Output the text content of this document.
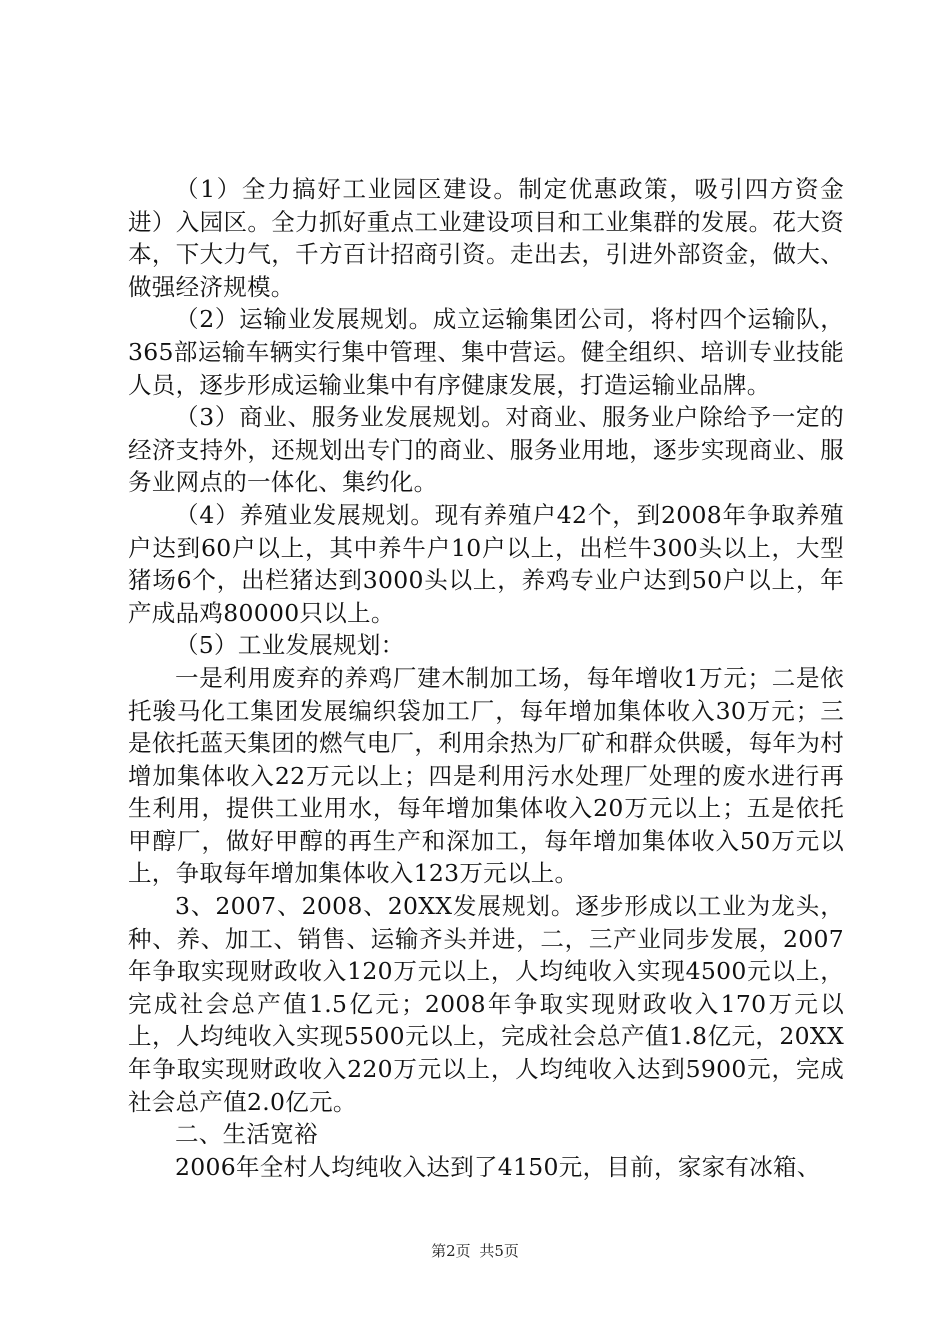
（1）全力搞好工业园区建设。制定优惠政策，吸引四方资金进）入园区。全力抓好重点工业建设项目和工业集群的发展。花大资本，下大力气，千方百计招商引资。走出去，引进外部资金，做大、做强经济规模。

（2）运输业发展规划。成立运输集团公司，将村四个运输队，365部运输车辆实行集中管理、集中营运。健全组织、培训专业技能人员，逐步形成运输业集中有序健康发展，打造运输业品牌。

（3）商业、服务业发展规划。对商业、服务业户除给予一定的经济支持外，还规划出专门的商业、服务业用地，逐步实现商业、服务业网点的一体化、集约化。

（4）养殖业发展规划。现有养殖户42个，到2008年争取养殖户达到60户以上，其中养牛户10户以上，出栏牛300头以上，大型猪场6个，出栏猪达到3000头以上，养鸡专业户达到50户以上，年产成品鸡80000只以上。

（5）工业发展规划：

一是利用废弃的养鸡厂建木制加工场，每年增收1万元；二是依托骏马化工集团发展编织袋加工厂，每年增加集体收入30万元；三是依托蓝天集团的燃气电厂，利用余热为厂矿和群众供暖，每年为村增加集体收入22万元以上；四是利用污水处理厂处理的废水进行再生利用，提供工业用水，每年增加集体收入20万元以上；五是依托甲醇厂，做好甲醇的再生产和深加工，每年增加集体收入50万元以上，争取每年增加集体收入123万元以上。

3、2007、2008、20XX发展规划。逐步形成以工业为龙头，种、养、加工、销售、运输齐头并进，二，三产业同步发展，2007年争取实现财政收入120万元以上，人均纯收入实现4500元以上，完成社会总产值1.5亿元；2008年争取实现财政收入170万元以上，人均纯收入实现5500元以上，完成社会总产值1.8亿元，20XX年争取实现财政收入220万元以上，人均纯收入达到5900元，完成社会总产值2.0亿元。

二、生活宽裕

2006年全村人均纯收入达到了4150元，目前，家家有冰箱、

第2页 共5页
